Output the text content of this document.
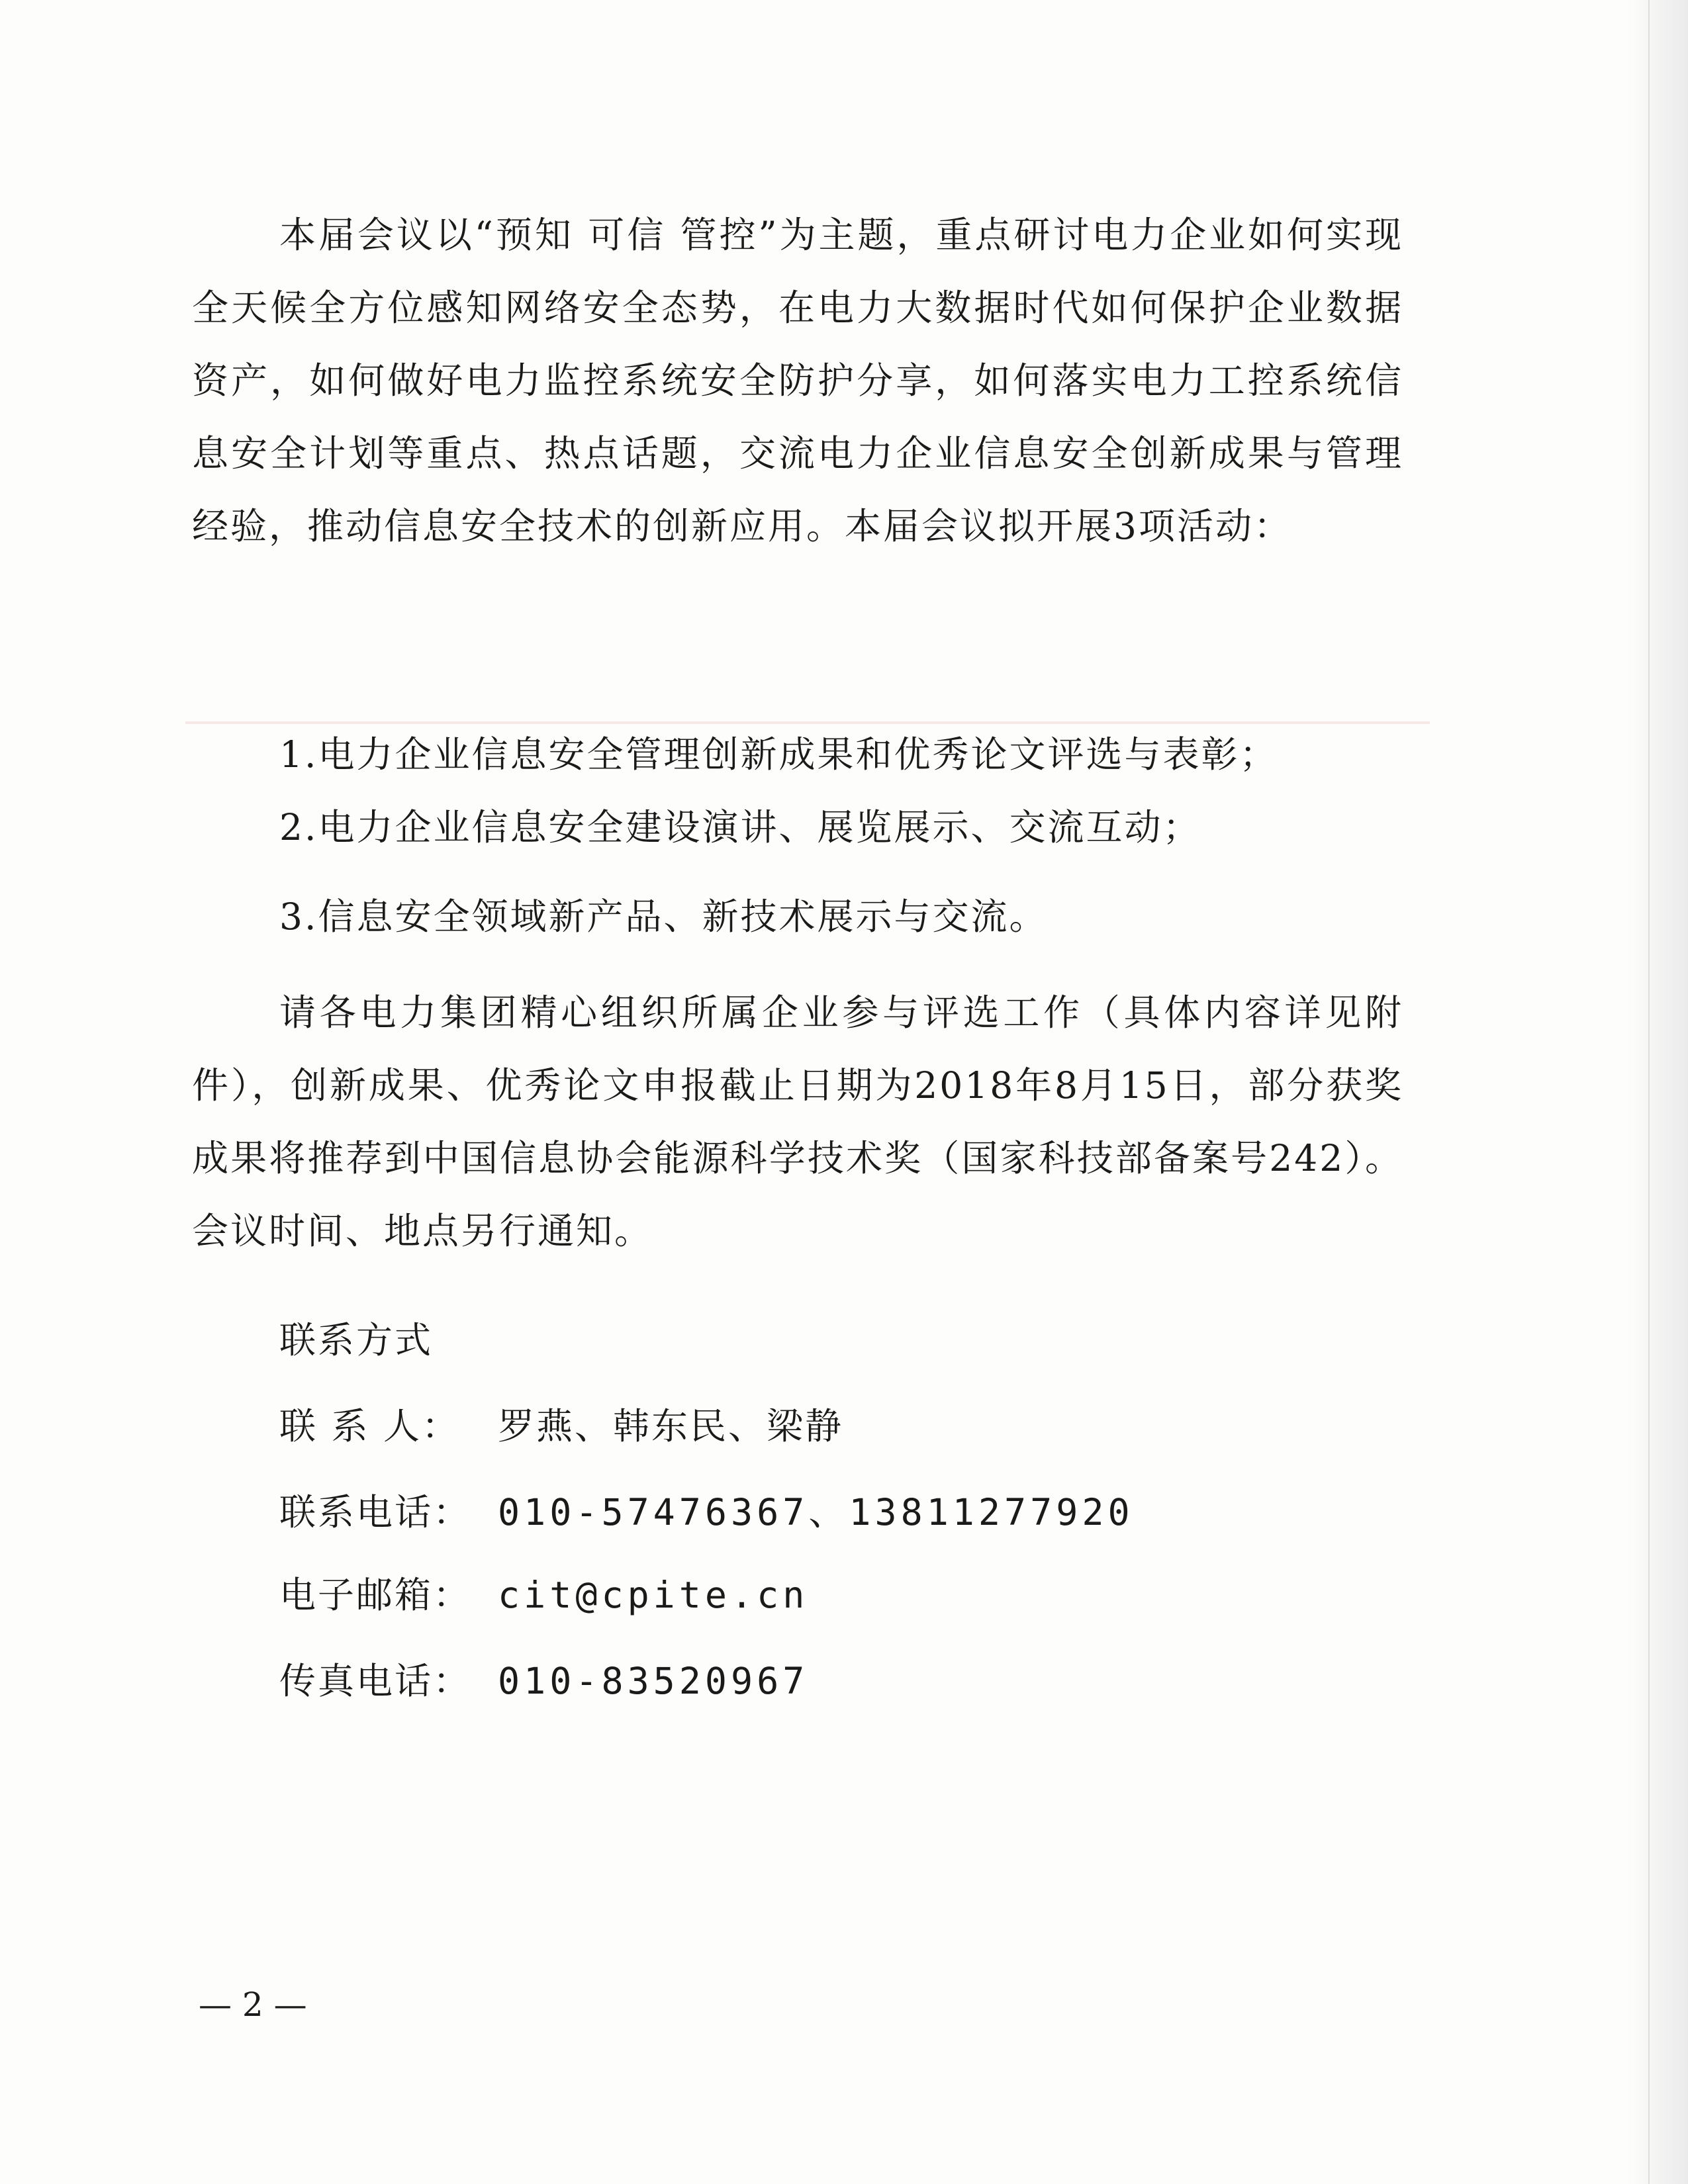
本届会议以“预知 可信 管控”为主题，重点研讨电力企业如何实现全天候全方位感知网络安全态势，在电力大数据时代如何保护企业数据资产，如何做好电力监控系统安全防护分享，如何落实电力工控系统信息安全计划等重点、热点话题，交流电力企业信息安全创新成果与管理经验，推动信息安全技术的创新应用。本届会议拟开展3项活动：

1.电力企业信息安全管理创新成果和优秀论文评选与表彰；
2.电力企业信息安全建设演讲、展览展示、交流互动；
3.信息安全领域新产品、新技术展示与交流。

请各电力集团精心组织所属企业参与评选工作（具体内容详见附件），创新成果、优秀论文申报截止日期为2018年8月15日，部分获奖成果将推荐到中国信息协会能源科学技术奖（国家科技部备案号242）。会议时间、地点另行通知。

联系方式
联 系 人： 罗燕、韩东民、梁静
联系电话： 010-57476367、13811277920
电子邮箱： cit@cpite.cn
传真电话： 010-83520967
— 2 —
